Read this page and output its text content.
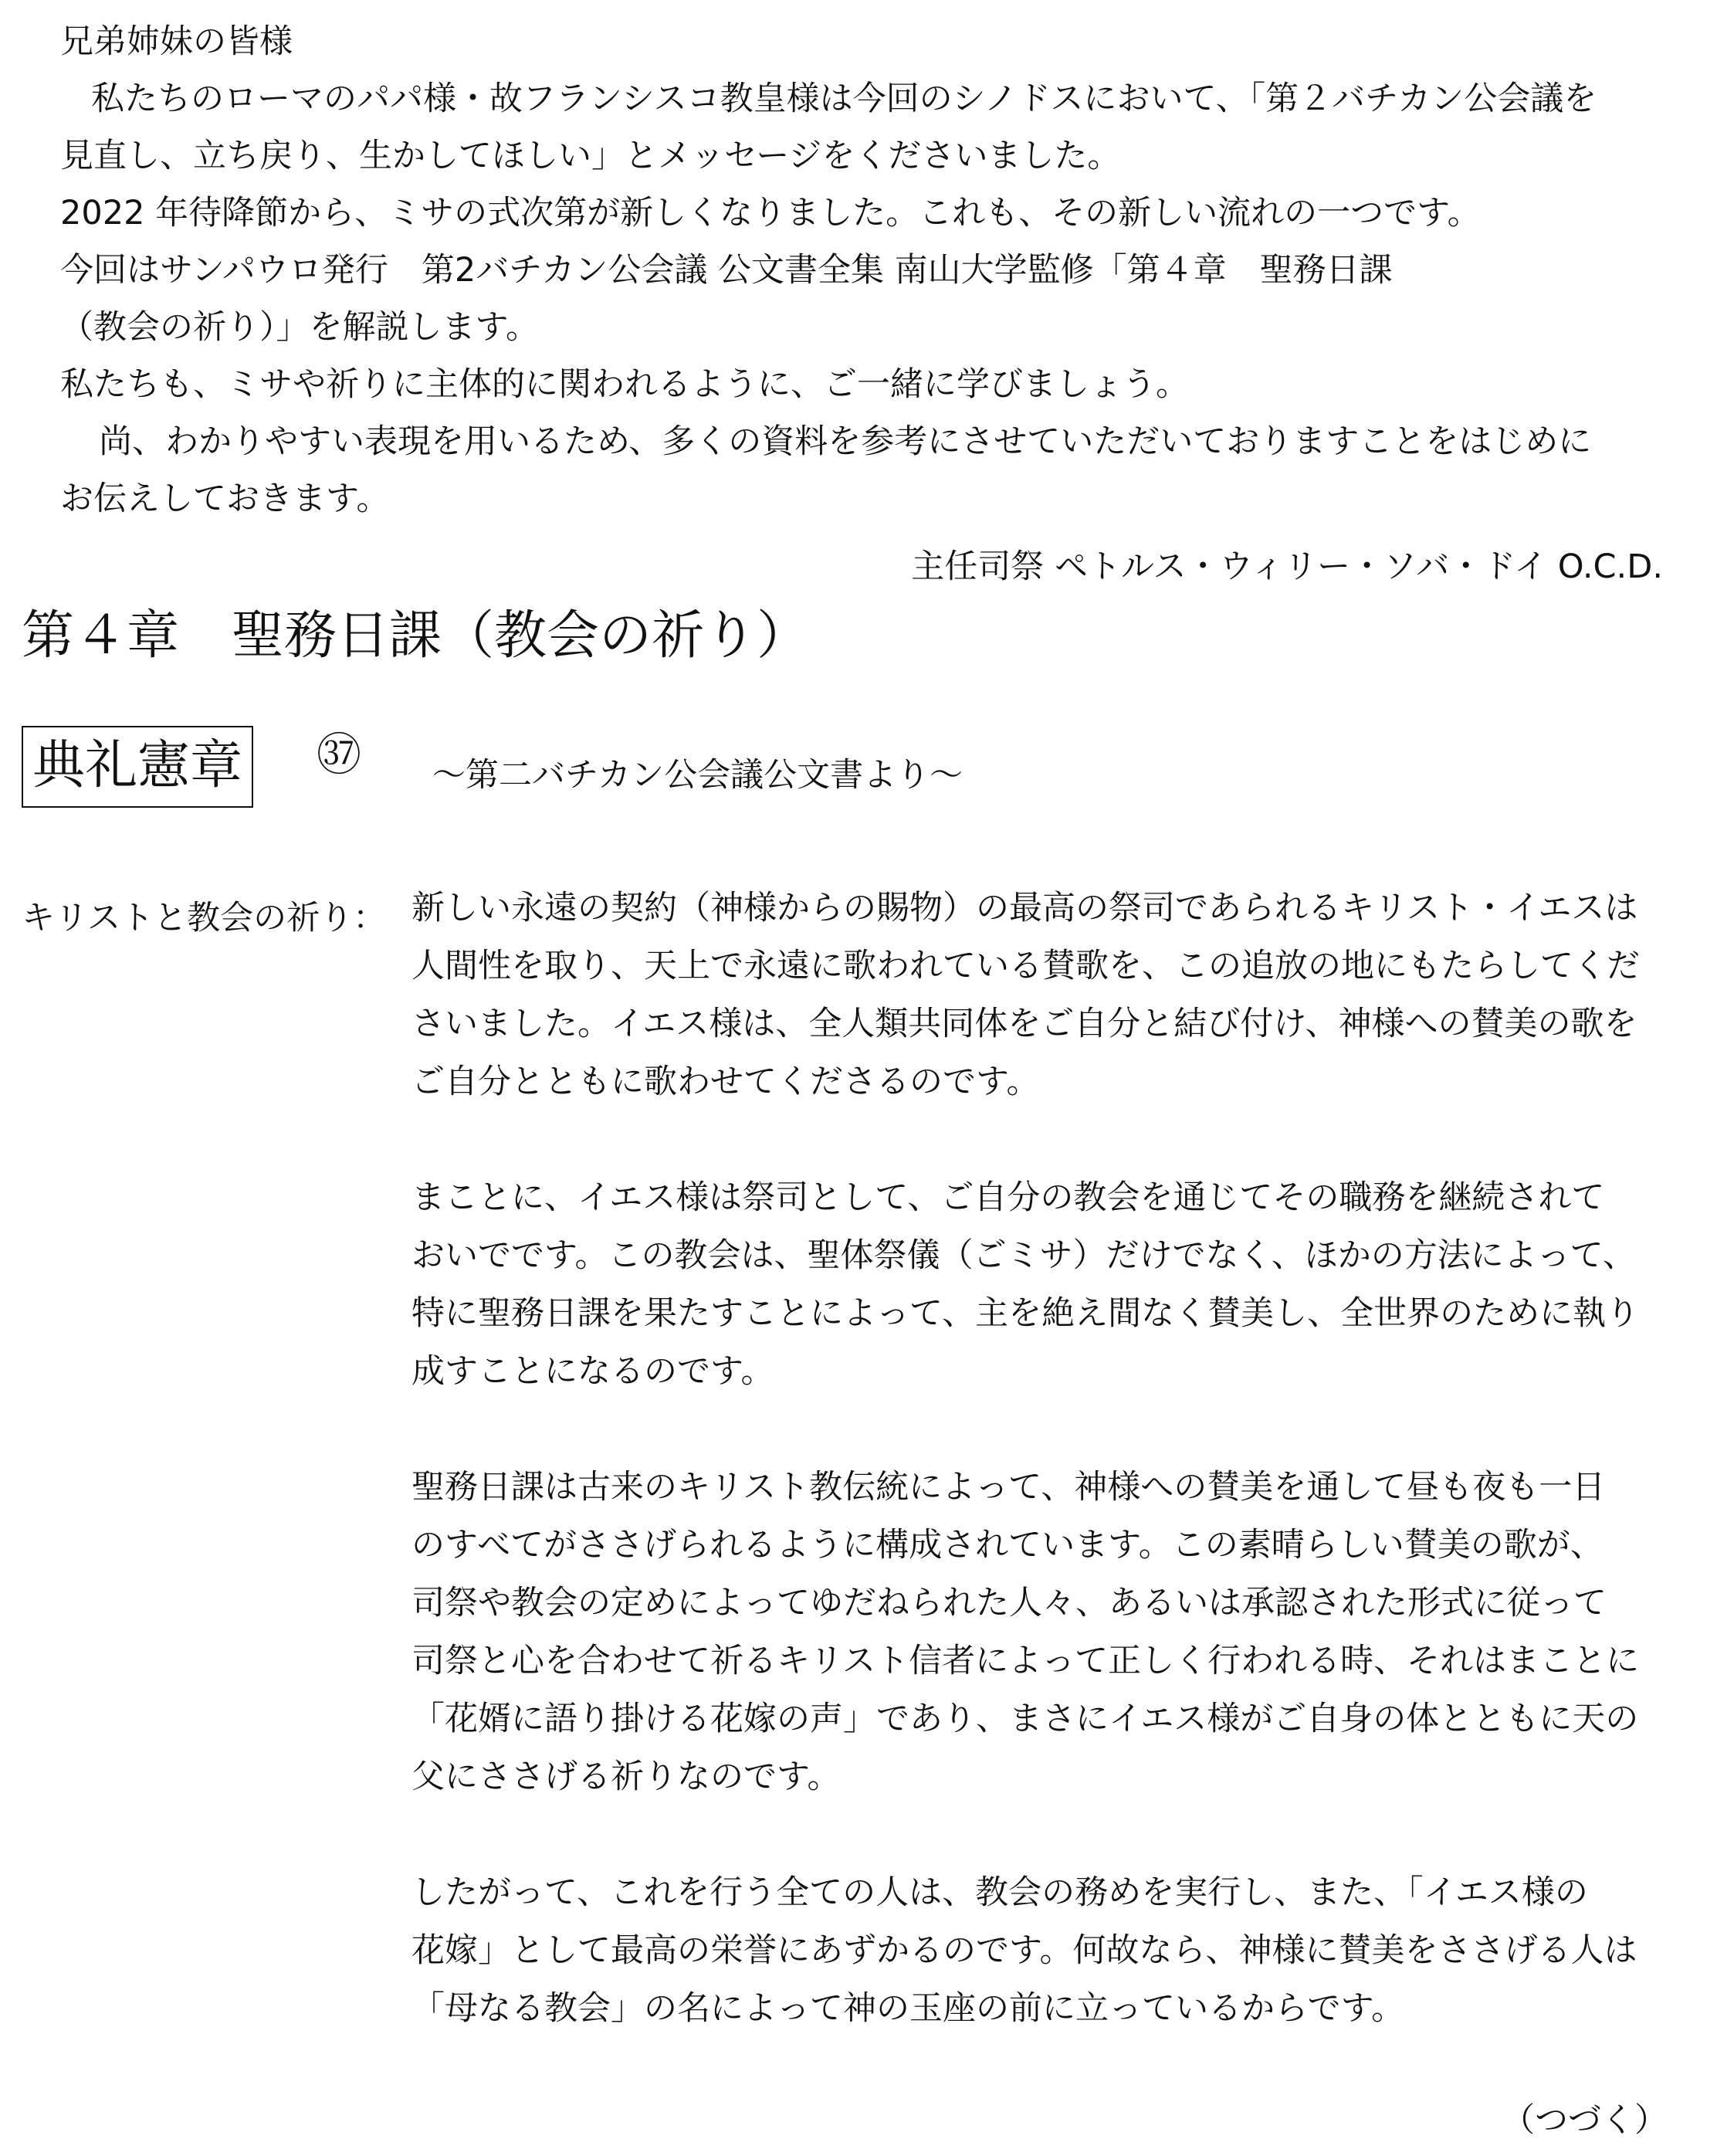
兄弟姉妹の皆様
私たちのローマのパパ様・故フランシスコ教皇様は今回のシノドスにおいて、「第２バチカン公会議を
見直し、立ち戻り、生かしてほしい」とメッセージをくださいました。
2022 年待降節から、ミサの式次第が新しくなりました。これも、その新しい流れの一つです。
今回はサンパウロ発行　第2バチカン公会議 公文書全集 南山大学監修「第４章　聖務日課
（教会の祈り）」を解説します。
私たちも、ミサや祈りに主体的に関われるように、ご一緒に学びましょう。
尚、わかりやすい表現を用いるため、多くの資料を参考にさせていただいておりますことをはじめに
お伝えしておきます。
主任司祭 ペトルス・ウィリー・ソバ・ドイ O.C.D.
第４章　聖務日課（教会の祈り）
典礼憲章 ㊲ ～第二バチカン公会議公文書より～
キリストと教会の祈り： 新しい永遠の契約（神様からの賜物）の最高の祭司であられるキリスト・イエスは
人間性を取り、天上で永遠に歌われている賛歌を、この追放の地にもたらしてくだ
さいました。イエス様は、全人類共同体をご自分と結び付け、神様への賛美の歌を
ご自分とともに歌わせてくださるのです。
まことに、イエス様は祭司として、ご自分の教会を通じてその職務を継続されて
おいでです。この教会は、聖体祭儀（ごミサ）だけでなく、ほかの方法によって、
特に聖務日課を果たすことによって、主を絶え間なく賛美し、全世界のために執り
成すことになるのです。
聖務日課は古来のキリスト教伝統によって、神様への賛美を通して昼も夜も一日
のすべてがささげられるように構成されています。この素晴らしい賛美の歌が、
司祭や教会の定めによってゆだねられた人々、あるいは承認された形式に従って
司祭と心を合わせて祈るキリスト信者によって正しく行われる時、それはまことに
「花婿に語り掛ける花嫁の声」であり、まさにイエス様がご自身の体とともに天の
父にささげる祈りなのです。
したがって、これを行う全ての人は、教会の務めを実行し、また、「イエス様の
花嫁」として最高の栄誉にあずかるのです。何故なら、神様に賛美をささげる人は
「母なる教会」の名によって神の玉座の前に立っているからです。
（つづく）
